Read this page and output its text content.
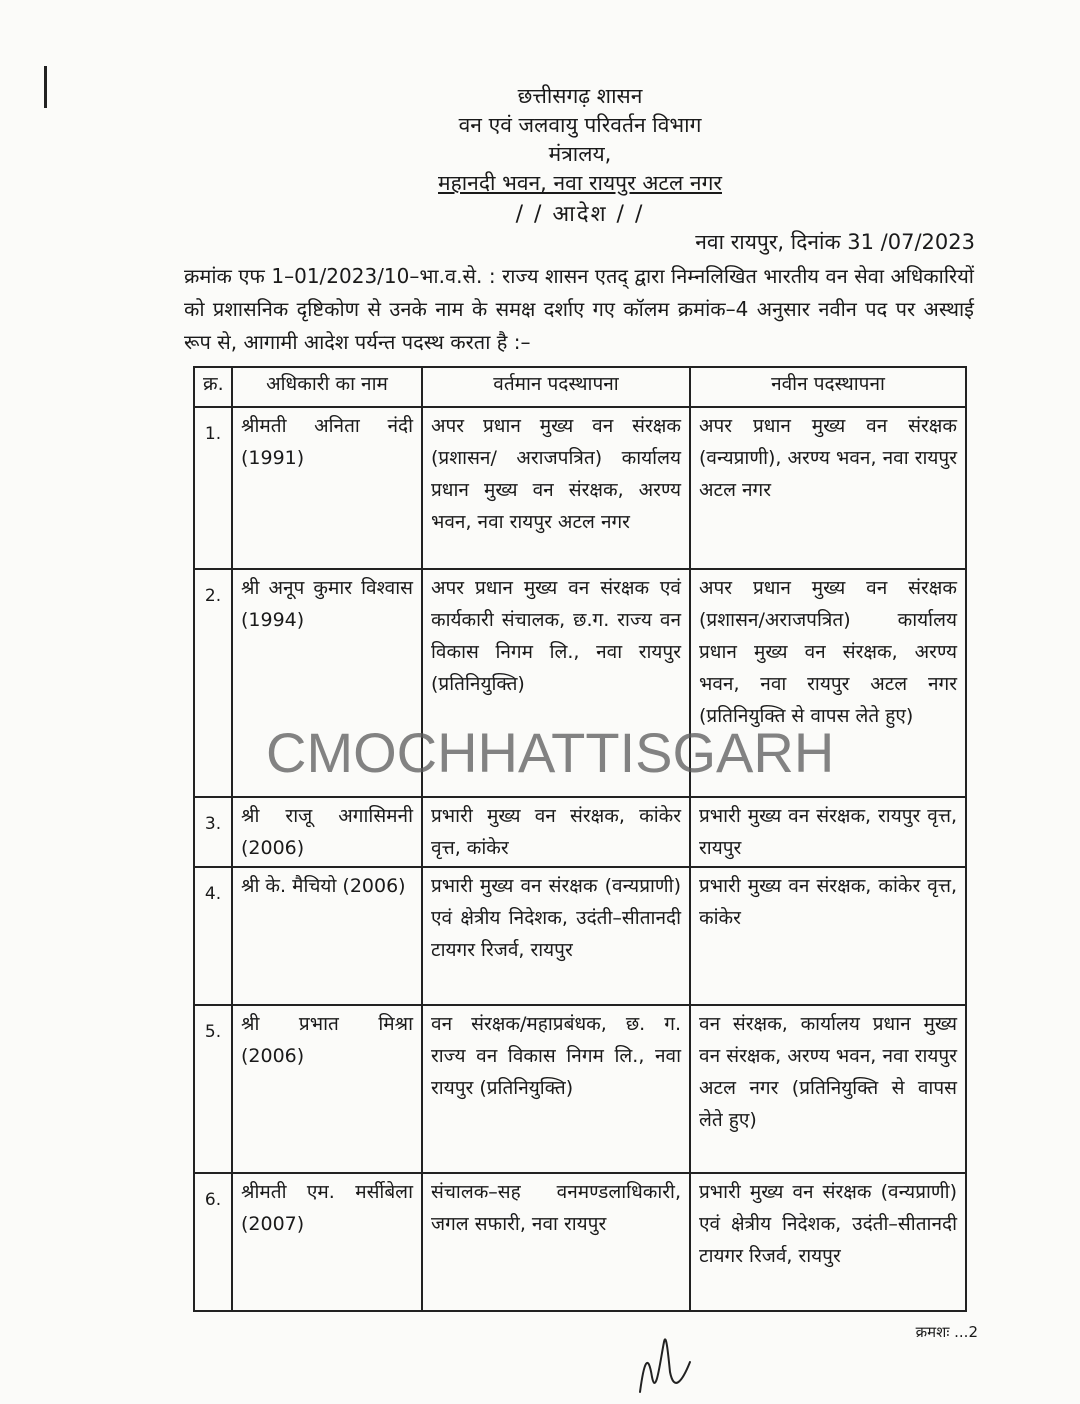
छत्तीसगढ़ शासन
वन एवं जलवायु परिवर्तन विभाग
मंत्रालय,
महानदी भवन, नवा रायपुर अटल नगर
/ / आदेश / /
नवा रायपुर, दिनांक 31 /07/2023
क्रमांक एफ 1–01/2023/10–भा.व.से. : राज्य शासन एतद् द्वारा निम्नलिखित भारतीय वन सेवा अधिकारियों को प्रशासनिक दृष्टिकोण से उनके नाम के समक्ष दर्शाए गए कॉलम क्रमांक–4 अनुसार नवीन पद पर अस्थाई रूप से, आगामी आदेश पर्यन्त पदस्थ करता है :–
क्र.	अधिकारी का नाम	वर्तमान पदस्थापना	नवीन पदस्थापना
1.	श्रीमती अनिता नंदी (1991)	अपर प्रधान मुख्य वन संरक्षक (प्रशासन/ अराजपत्रित) कार्यालय प्रधान मुख्य वन संरक्षक, अरण्य भवन, नवा रायपुर अटल नगर	अपर प्रधान मुख्य वन संरक्षक (वन्यप्राणी), अरण्य भवन, नवा रायपुर अटल नगर
2.	श्री अनूप कुमार विश्वास (1994)	अपर प्रधान मुख्य वन संरक्षक एवं कार्यकारी संचालक, छ.ग. राज्य वन विकास निगम लि., नवा रायपुर (प्रतिनियुक्ति)	अपर प्रधान मुख्य वन संरक्षक (प्रशासन/अराजपत्रित) कार्यालय प्रधान मुख्य वन संरक्षक, अरण्य भवन, नवा रायपुर अटल नगर (प्रतिनियुक्ति से वापस लेते हुए)
3.	श्री राजू अगासिमनी (2006)	प्रभारी मुख्य वन संरक्षक, कांकेर वृत्त, कांकेर	प्रभारी मुख्य वन संरक्षक, रायपुर वृत्त, रायपुर
4.	श्री के. मैचियो (2006)	प्रभारी मुख्य वन संरक्षक (वन्यप्राणी) एवं क्षेत्रीय निदेशक, उदंती–सीतानदी टायगर रिजर्व, रायपुर	प्रभारी मुख्य वन संरक्षक, कांकेर वृत्त, कांकेर
5.	श्री प्रभात मिश्रा (2006)	वन संरक्षक/महाप्रबंधक, छ. ग. राज्य वन विकास निगम लि., नवा रायपुर (प्रतिनियुक्ति)	वन संरक्षक, कार्यालय प्रधान मुख्य वन संरक्षक, अरण्य भवन, नवा रायपुर अटल नगर (प्रतिनियुक्ति से वापस लेते हुए)
6.	श्रीमती एम. मर्सीबेला (2007)	संचालक–सह वनमण्डलाधिकारी, जगल सफारी, नवा रायपुर	प्रभारी मुख्य वन संरक्षक (वन्यप्राणी) एवं क्षेत्रीय निदेशक, उदंती–सीतानदी टायगर रिजर्व, रायपुर
CMOCHHATTISGARH
क्रमशः ...2
